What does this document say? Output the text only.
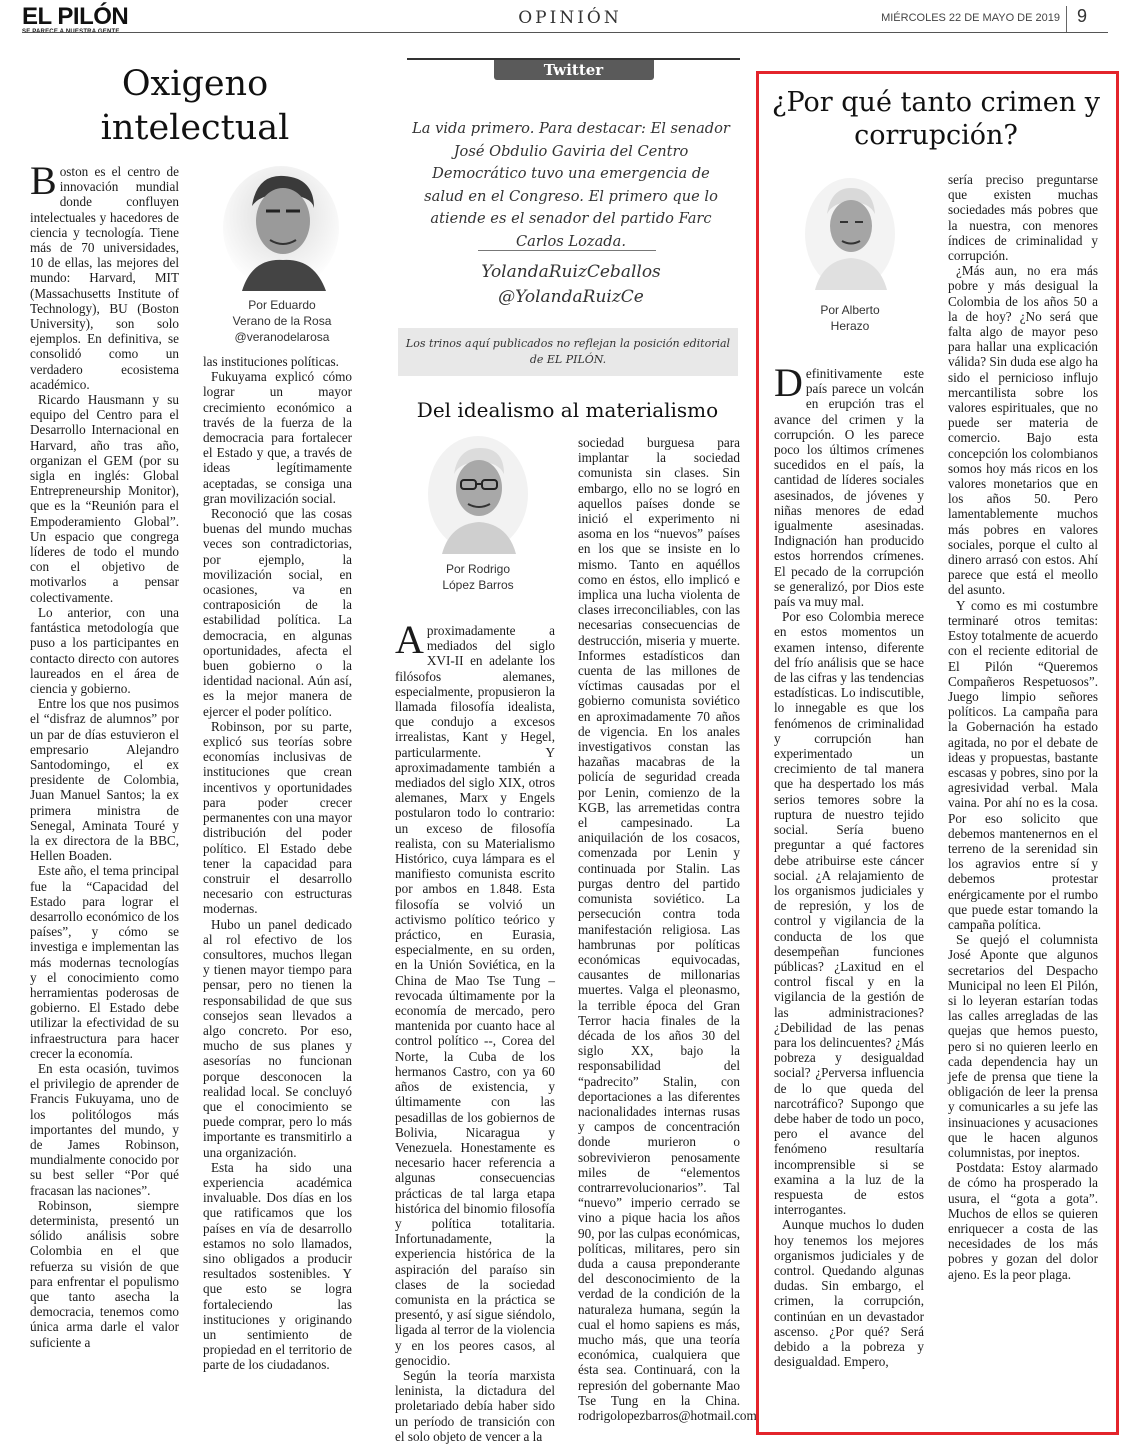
EL PILÓN	OPINIÓN	MIÉRCOLES 22 DE MAYO DE 2019 9
Oxigeno intelectual
Por Eduardo
Verano de la Rosa
@veranodelarosa

Boston es el centro de innovación mundial donde confluyen intelectuales y hacedores de ciencia y tecnología. Tiene más de 70 universidades, 10 de ellas, las mejores del mundo: Harvard, MIT (Massachusetts Institute of Technology), BU (Boston University), son solo ejemplos. En definitiva, se consolidó como un verdadero ecosistema académico.

Ricardo Hausmann y su equipo del Centro para el Desarrollo Internacional en Harvard, año tras año, organizan el GEM (por su sigla en inglés: Global Entrepreneurship Monitor), que es la “Reunión para el Empoderamiento Global”. Un espacio que congrega líderes de todo el mundo con el objetivo de motivarlos a pensar colectivamente.

Lo anterior, con una fantástica metodología que puso a los participantes en contacto directo con autores laureados en el área de ciencia y gobierno.

Entre los que nos pusimos el “disfraz de alumnos” por un par de días estuvieron el empresario Alejandro Santodomingo, el ex presidente de Colombia, Juan Manuel Santos; la ex primera ministra de Senegal, Aminata Touré y la ex directora de la BBC, Hellen Boaden.

Este año, el tema principal fue la “Capacidad del Estado para lograr el desarrollo económico de los países”, y cómo se investiga e implementan las más modernas tecnologías y el conocimiento como herramientas poderosas de gobierno. El Estado debe utilizar la efectividad de su infraestructura para hacer crecer la economía.

En esta ocasión, tuvimos el privilegio de aprender de Francis Fukuyama, uno de los politólogos más importantes del mundo, y de James Robinson, mundialmente conocido por su best seller “Por qué fracasan las naciones”.

Robinson, siempre determinista, presentó un sólido análisis sobre Colombia en el que refuerza su visión de que para enfrentar el populismo que tanto asecha la democracia, tenemos como única arma darle el valor suficiente a

las instituciones políticas.

Fukuyama explicó cómo lograr un mayor crecimiento económico a través de la fuerza de la democracia para fortalecer el Estado y que, a través de ideas legítimamente aceptadas, se consiga una gran movilización social.

Reconoció que las cosas buenas del mundo muchas veces son contradictorias, por ejemplo, la movilización social, en ocasiones, va en contraposición de la estabilidad política. La democracia, en algunas oportunidades, afecta el buen gobierno o la identidad nacional. Aún así, es la mejor manera de ejercer el poder político.

Robinson, por su parte, explicó sus teorías sobre economías inclusivas de instituciones que crean incentivos y oportunidades para poder crecer permanentes con una mayor distribución del poder político. El Estado debe tener la capacidad para construir el desarrollo necesario con estructuras modernas.

Hubo un panel dedicado al rol efectivo de los consultores, muchos llegan y tienen mayor tiempo para pensar, pero no tienen la responsabilidad de que sus consejos sean llevados a algo concreto. Por eso, mucho de sus planes y asesorías no funcionan porque desconocen la realidad local. Se concluyó que el conocimiento se puede comprar, pero lo más importante es transmitirlo a una organización.

Esta ha sido una experiencia académica invaluable. Dos días en los que ratificamos que los países en vía de desarrollo estamos no solo llamados, sino obligados a producir resultados sostenibles. Y que esto se logra fortaleciendo las instituciones y originando un sentimiento de propiedad en el territorio de parte de los ciudadanos.

Twitter
La vida primero. Para destacar: El senador José Obdulio Gaviria del Centro Democrático tuvo una emergencia de salud en el Congreso. El primero que lo atiende es el senador del partido Farc Carlos Lozada.
YolandaRuizCeballos
@YolandaRuizCe
Los trinos aquí publicados no reflejan la posición editorial de EL PILÓN.
Del idealismo al materialismo
Por Rodrigo
López Barros

Aproximadamente a mediados del siglo XVI-II en adelante los filósofos alemanes, especialmente, propusieron la llamada filosofía idealista, que condujo a excesos irrealistas, Kant y Hegel, particularmente. Y aproximadamente también a mediados del siglo XIX, otros alemanes, Marx y Engels postularon todo lo contrario: un exceso de filosofía realista, con su Materialismo Histórico, cuya lámpara es el manifiesto comunista escrito por ambos en 1.848. Esta filosofía se volvió un activismo político teórico y práctico, en Eurasia, especialmente, en su orden, en la Unión Soviética, en la China de Mao Tse Tung – revocada últimamente por la economía de mercado, pero mantenida por cuanto hace al control político --, Corea del Norte, la Cuba de los hermanos Castro, con ya 60 años de existencia, y últimamente con las pesadillas de los gobiernos de Bolivia, Nicaragua y Venezuela. Honestamente es necesario hacer referencia a algunas consecuencias prácticas de tal larga etapa histórica del binomio filosofía y política totalitaria. Infortunadamente, la experiencia histórica de la aspiración del paraíso sin clases de la sociedad comunista en la práctica se presentó, y así sigue siéndolo, ligada al terror de la violencia y en los peores casos, al genocidio.

Según la teoría marxista leninista, la dictadura del proletariado debía haber sido un período de transición con el solo objeto de vencer a la

sociedad burguesa para implantar la sociedad comunista sin clases. Sin embargo, ello no se logró en aquellos países donde se inició el experimento ni asoma en los “nuevos” países en los que se insiste en lo mismo. Tanto en aquéllos como en éstos, ello implicó e implica una lucha violenta de clases irreconciliables, con las necesarias consecuencias de destrucción, miseria y muerte. Informes estadísticos dan cuenta de las millones de víctimas causadas por el gobierno comunista soviético en aproximadamente 70 años de vigencia. En los anales investigativos constan las hazañas macabras de la policía de seguridad creada por Lenin, comienzo de la KGB, las arremetidas contra el campesinado. La aniquilación de los cosacos, comenzada por Lenin y continuada por Stalin. Las purgas dentro del partido comunista soviético. La persecución contra toda manifestación religiosa. Las hambrunas por políticas económicas equivocadas, causantes de millonarias muertes. Valga el pleonasmo, la terrible época del Gran Terror hacia finales de la década de los años 30 del siglo XX, bajo la responsabilidad del “padrecito” Stalin, con deportaciones a las diferentes nacionalidades internas rusas y campos de concentración donde murieron o sobrevivieron penosamente miles de “elementos contrarrevolucionarios”. Tal “nuevo” imperio cerrado se vino a pique hacia los años 90, por las culpas económicas, políticas, militares, pero sin duda a causa preponderante del desconocimiento de la verdad de la condición de la naturaleza humana, según la cual el homo sapiens es más, mucho más, que una teoría económica, cualquiera que ésta sea. Continuará, con la represión del gobernante Mao Tse Tung en la China. rodrigolopezbarros@hotmail.com

¿Por qué tanto crimen y corrupción?
Por Alberto
Herazo

Definitivamente este país parece un volcán en erupción tras el avance del crimen y la corrupción. O les parece poco los últimos crímenes sucedidos en el país, la cantidad de líderes sociales asesinados, de jóvenes y niñas menores de edad igualmente asesinadas. Indignación han producido estos horrendos crímenes. El pecado de la corrupción se generalizó, por Dios este país va muy mal.

Por eso Colombia merece en estos momentos un examen intenso, diferente del frío análisis que se hace de las cifras y las tendencias estadísticas. Lo indiscutible, lo innegable es que los fenómenos de criminalidad y corrupción han experimentado un crecimiento de tal manera que ha despertado los más serios temores sobre la ruptura de nuestro tejido social. Sería bueno preguntar a qué factores debe atribuirse este cáncer social. ¿A relajamiento de los organismos judiciales y de represión, y los de control y vigilancia de la conducta de los que desempeñan funciones públicas? ¿Laxitud en el control fiscal y en la vigilancia de la gestión de las administraciones? ¿Debilidad de las penas para los delincuentes? ¿Más pobreza y desigualdad social? ¿Perversa influencia de lo que queda del narcotráfico? Supongo que debe haber de todo un poco, pero el avance del fenómeno resultaría incomprensible si se examina a la luz de la respuesta de estos interrogantes.

Aunque muchos lo duden hoy tenemos los mejores organismos judiciales y de control. Quedando algunas dudas. Sin embargo, el crimen, la corrupción, continúan en un devastador ascenso. ¿Por qué? Será debido a la pobreza y desigualdad. Empero,

sería preciso preguntarse que existen muchas sociedades más pobres que la nuestra, con menores índices de criminalidad y corrupción.

¿Más aun, no era más pobre y más desigual la Colombia de los años 50 a la de hoy? ¿No será que falta algo de mayor peso para hallar una explicación válida? Sin duda ese algo ha sido el pernicioso influjo mercantilista sobre los valores espirituales, que no puede ser materia de comercio. Bajo esta concepción los colombianos somos hoy más ricos en los valores monetarios que en los años 50. Pero lamentablemente muchos más pobres en valores sociales, porque el culto al dinero arrasó con estos. Ahí parece que está el meollo del asunto.

Y como es mi costumbre terminaré otros temitas: Estoy totalmente de acuerdo con el reciente editorial de El Pilón “Queremos Compañeros Respetuosos”. Juego limpio señores políticos. La campaña para la Gobernación ha estado agitada, no por el debate de ideas y propuestas, bastante escasas y pobres, sino por la agresividad verbal. Mala vaina. Por ahí no es la cosa. Por eso solicito que debemos mantenernos en el terreno de la serenidad sin los agravios entre sí y debemos protestar enérgicamente por el rumbo que puede estar tomando la campaña política.

Se quejó el columnista José Aponte que algunos secretarios del Despacho Municipal no leen El Pilón, si lo leyeran estarían todas las calles arregladas de las quejas que hemos puesto, pero si no quieren leerlo en cada dependencia hay un jefe de prensa que tiene la obligación de leer la prensa y comunicarles a su jefe las insinuaciones y acusaciones que le hacen algunos columnistas, por ineptos.

Postdata: Estoy alarmado de cómo ha prosperado la usura, el “gota a gota”. Muchos de ellos se quieren enriquecer a costa de las necesidades de los más pobres y gozan del dolor ajeno. Es la peor plaga.
